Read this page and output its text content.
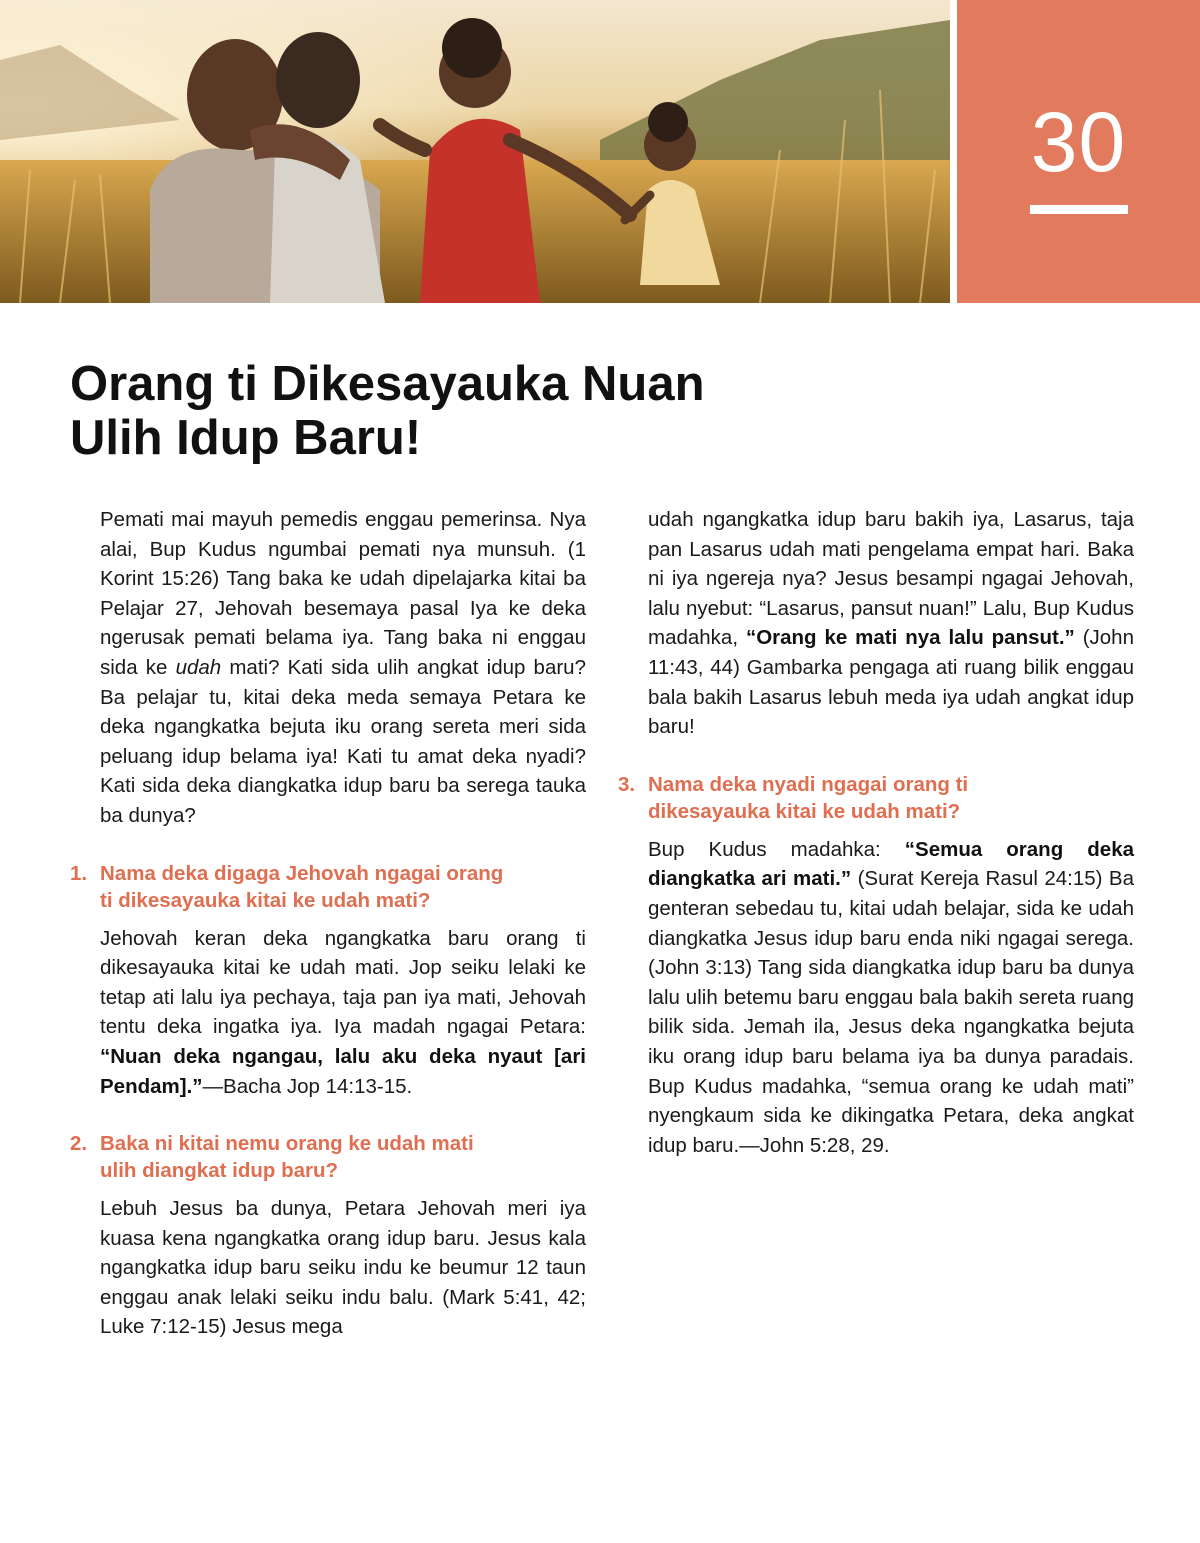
30
Orang ti Dikesayauka Nuan
Ulih Idup Baru!

Pemati mai mayuh pemedis enggau pemerinsa. Nya alai, Bup Kudus ngumbai pemati nya munsuh. (1 Korint 15:26) Tang baka ke udah dipelajarka kitai ba Pelajar 27, Jehovah besemaya pasal Iya ke deka ngerusak pemati belama iya. Tang baka ni enggau sida ke udah mati? Kati sida ulih angkat idup baru? Ba pelajar tu, kitai deka meda semaya Petara ke deka ngangkatka bejuta iku orang sereta meri sida peluang idup belama iya! Kati tu amat deka nyadi? Kati sida deka diangkatka idup baru ba serega tauka ba dunya?

1. Nama deka digaga Jehovah ngagai orang
ti dikesayauka kitai ke udah mati?

Jehovah keran deka ngangkatka baru orang ti dikesayauka kitai ke udah mati. Jop seiku lelaki ke tetap ati lalu iya pechaya, taja pan iya mati, Jehovah tentu deka ingatka iya. Iya madah ngagai Petara: “Nuan deka ngangau, lalu aku deka nyaut [ari Pendam].”—Bacha Jop 14:13-15.

2. Baka ni kitai nemu orang ke udah mati
ulih diangkat idup baru?

Lebuh Jesus ba dunya, Petara Jehovah meri iya kuasa kena ngangkatka orang idup baru. Jesus kala ngangkatka idup baru seiku indu ke beumur 12 taun enggau anak lelaki seiku indu balu. (Mark 5:41, 42; Luke 7:12-15) Jesus mega

udah ngangkatka idup baru bakih iya, Lasarus, taja pan Lasarus udah mati pengelama empat hari. Baka ni iya ngereja nya? Jesus besampi ngagai Jehovah, lalu nyebut: “Lasarus, pansut nuan!” Lalu, Bup Kudus madahka, “Orang ke mati nya lalu pansut.” (John 11:43, 44) Gambarka pengaga ati ruang bilik enggau bala bakih Lasarus lebuh meda iya udah angkat idup baru!

3. Nama deka nyadi ngagai orang ti
dikesayauka kitai ke udah mati?

Bup Kudus madahka: “Semua orang deka diangkatka ari mati.” (Surat Kereja Rasul 24:15) Ba genteran sebedau tu, kitai udah belajar, sida ke udah diangkatka Jesus idup baru enda niki ngagai serega. (John 3:13) Tang sida diangkatka idup baru ba dunya lalu ulih betemu baru enggau bala bakih sereta ruang bilik sida. Jemah ila, Jesus deka ngangkatka bejuta iku orang idup baru belama iya ba dunya paradais. Bup Kudus madahka, “semua orang ke udah mati” nyengkaum sida ke dikingatka Petara, deka angkat idup baru.—John 5:28, 29.
